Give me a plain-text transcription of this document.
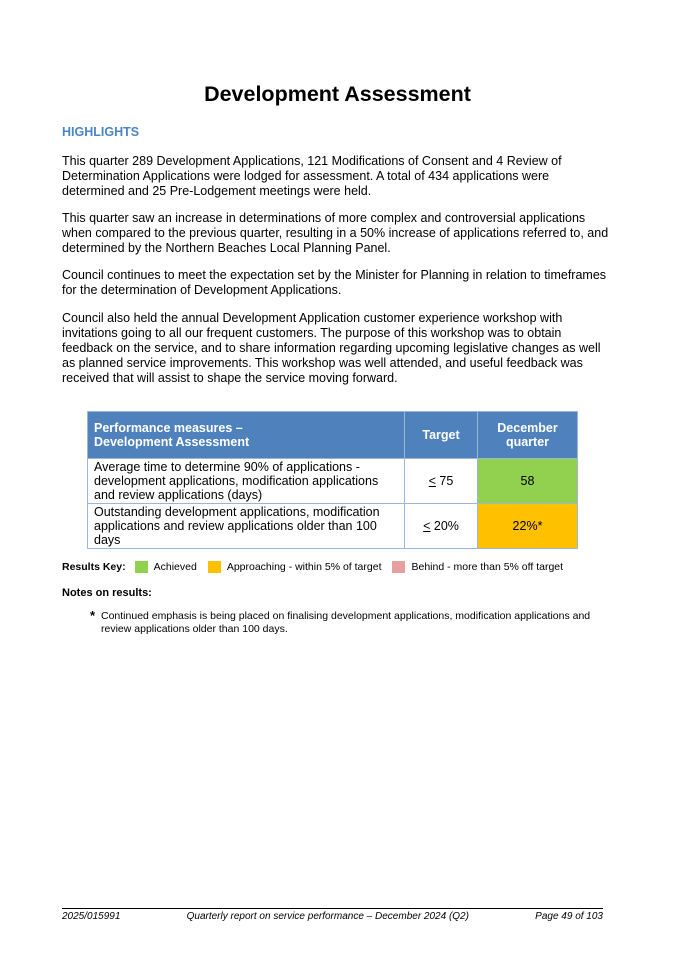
Development Assessment
HIGHLIGHTS

This quarter 289 Development Applications, 121 Modifications of Consent and 4 Review of Determination Applications were lodged for assessment. A total of 434 applications were determined and 25 Pre-Lodgement meetings were held.

This quarter saw an increase in determinations of more complex and controversial applications when compared to the previous quarter, resulting in a 50% increase of applications referred to, and determined by the Northern Beaches Local Planning Panel.

Council continues to meet the expectation set by the Minister for Planning in relation to timeframes for the determination of Development Applications.

Council also held the annual Development Application customer experience workshop with invitations going to all our frequent customers. The purpose of this workshop was to obtain feedback on the service, and to share information regarding upcoming legislative changes as well as planned service improvements. This workshop was well attended, and useful feedback was received that will assist to shape the service moving forward.

Performance measures –
Development Assessment	Target	December
quarter
Average time to determine 90% of applications - development applications, modification applications and review applications (days)	≤ 75	58
Outstanding development applications, modification applications and review applications older than 100 days	≤ 20%	22%*
Results Key:	Achieved	Approaching - within 5% of target	Behind - more than 5% off target
Notes on results:

* Continued emphasis is being placed on finalising development applications, modification applications and review applications older than 100 days.

2025/015991	Quarterly report on service performance – December 2024 (Q2)	Page 49 of 103
